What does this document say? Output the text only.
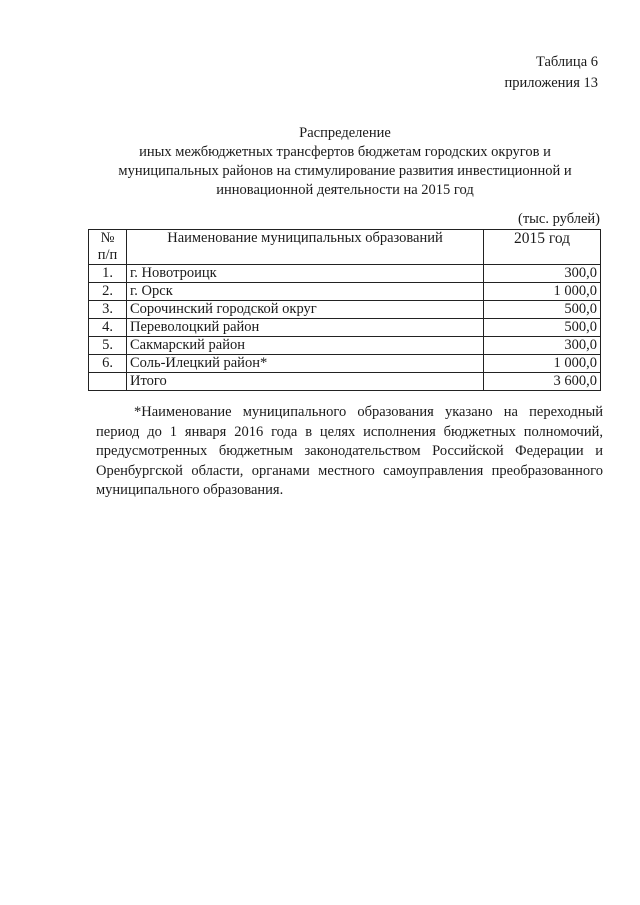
Таблица 6
приложения 13
Распределение
иных межбюджетных трансфертов бюджетам городских округов и
муниципальных районов на стимулирование развития инвестиционной и
инновационной деятельности на 2015 год
(тыс. рублей)
№
п/п	Наименование муниципальных образований	2015 год
1.	г. Новотроицк	300,0
2.	г. Орск	1 000,0
3.	Сорочинский городской округ	500,0
4.	Переволоцкий район	500,0
5.	Сакмарский район	300,0
6.	Соль-Илецкий район*	1 000,0
	Итого	3 600,0
*Наименование муниципального образования указано на переходный период до 1 января 2016 года в целях исполнения бюджетных полномочий, предусмотренных бюджетным законодательством Российской Федерации и Оренбургской области, органами местного самоуправления преобразованного муниципального образования.
